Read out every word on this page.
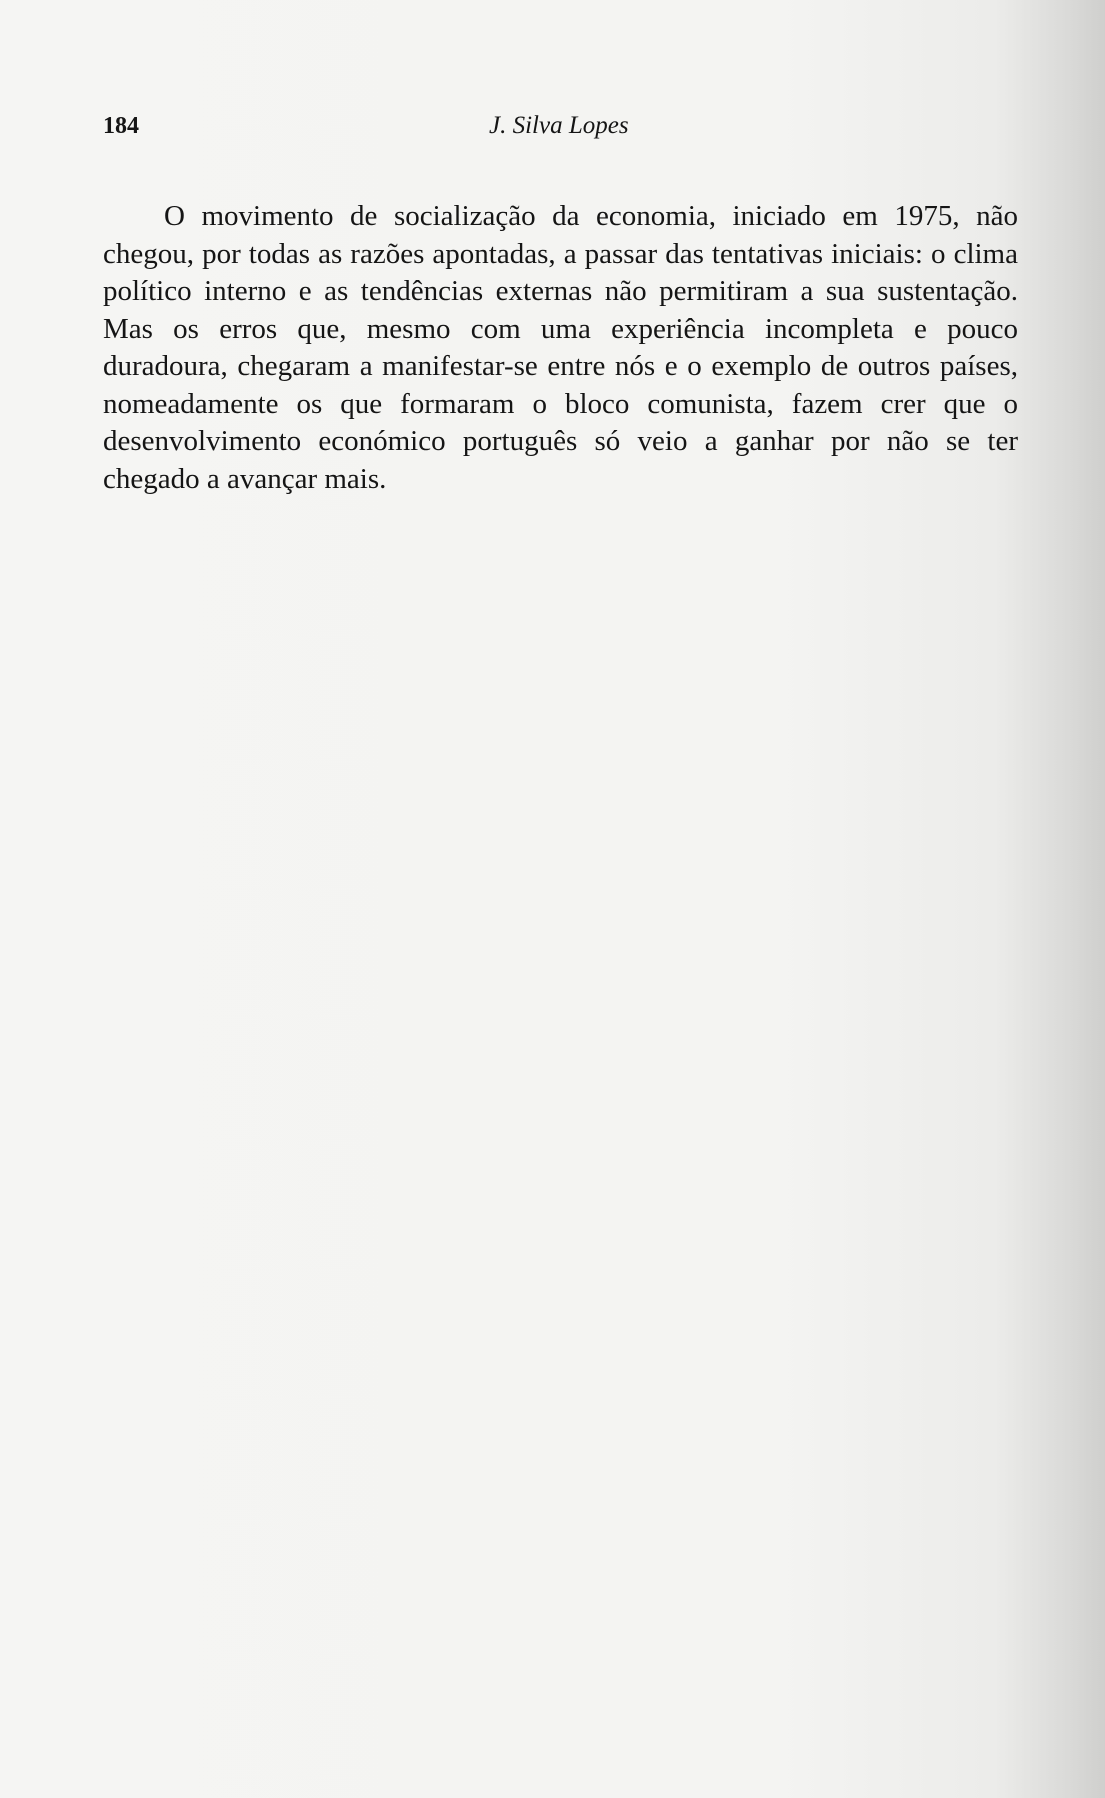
184	J. Silva Lopes

O movimento de socialização da economia, iniciado em 1975, não chegou, por todas as razões apontadas, a passar das tentativas iniciais: o clima político interno e as tendências externas não permitiram a sua sustentação. Mas os erros que, mesmo com uma experiência incompleta e pouco duradoura, chegaram a manifestar-se entre nós e o exemplo de outros países, nomeadamente os que formaram o bloco comunista, fazem crer que o desenvolvimento económico português só veio a ganhar por não se ter chegado a avançar mais.
